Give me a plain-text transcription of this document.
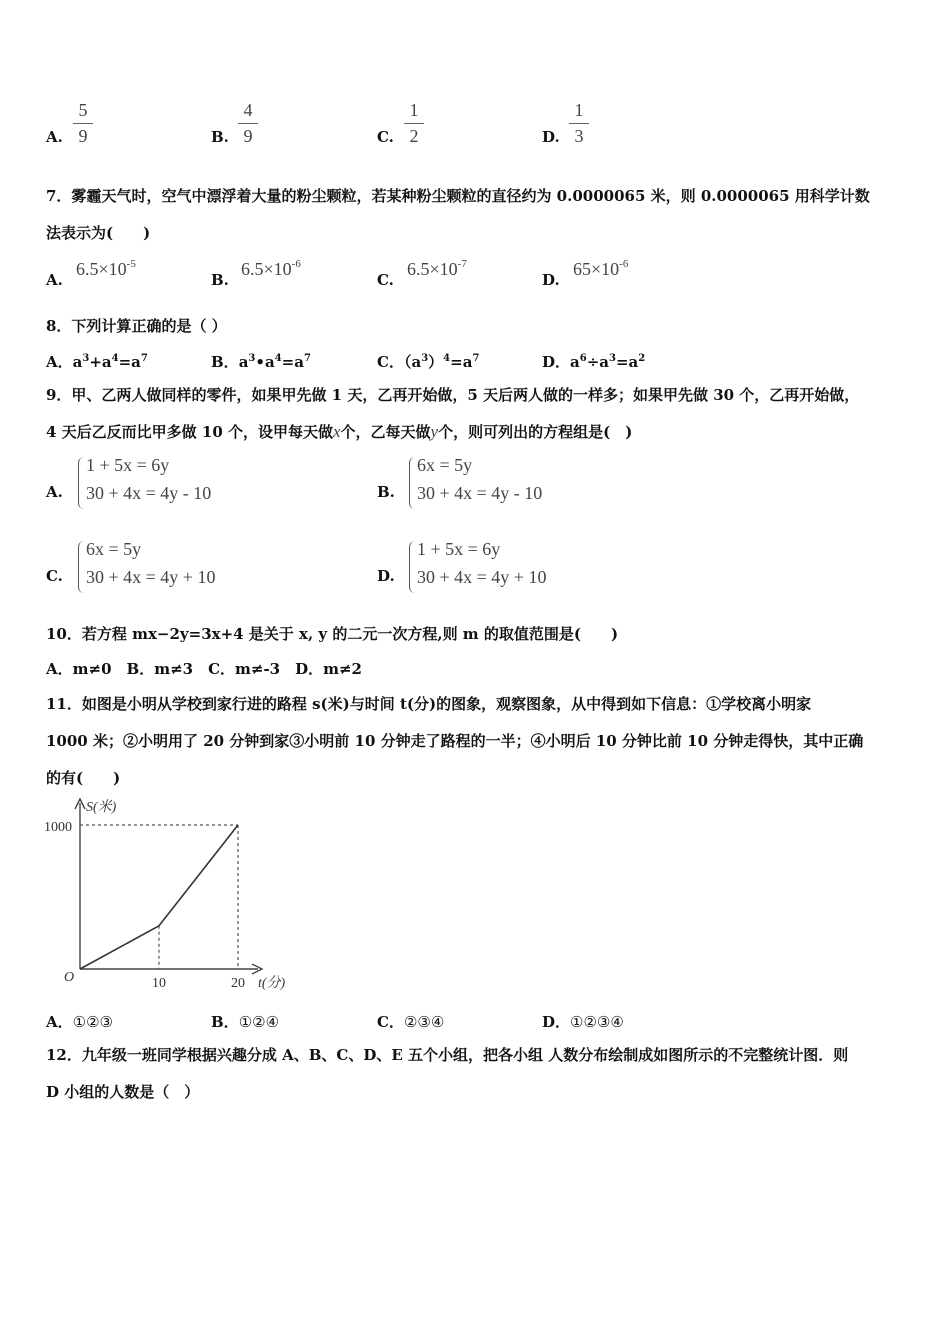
A.
5
9	B.
4
9	C.
1
2	D.
1
3
7．雾霾天气时，空气中漂浮着大量的粉尘颗粒，若某种粉尘颗粒的直径约为 0.0000065 米，则 0.0000065 用科学计数
法表示为(　　)
A.
$6.5\times 10^{-5}$
B.
$6.5\times 10^{-6}$
C.
$6.5\times 10^{-7}$
D.
$65\times 10^{-6}$
8．下列计算正确的是（ ）
A．$a^3+a^4=a^7$	B．$a^3•a^4=a^7$	C．$(a^3)^4=a^7$	D．$a^6\div a^3=a^2$
9．甲、乙两人做同样的零件，如果甲先做 1 天，乙再开始做，5 天后两人做的一样多；如果甲先做 30 个，乙再开始做，
4 天后乙反而比甲多做 10 个，设甲每天做x个，乙每天做y个，则可列出的方程组是(　)
A.
1 + 5x = 6y
30 + 4x = 4y - 10	B.
6x = 5y
30 + 4x = 4y - 10
C.
6x = 5y
30 + 4x = 4y + 10	D.
1 + 5x = 6y
30 + 4x = 4y + 10
10．若方程 mx−2y=3x+4 是关于 x, y 的二元一次方程,则 m 的取值范围是(　　)
A．m≠0　B．m≠3　C．m≠-3　D．m≠2
11．如图是小明从学校到家行进的路程 s(米)与时间 t(分)的图象，观察图象，从中得到如下信息：①学校离小明家
1000 米；②小明用了 20 分钟到家③小明前 10 分钟走了路程的一半；④小明后 10 分钟比前 10 分钟走得快，其中正确
的有(　　)
S(米)
O
1000
10	20 t(分)
A．①②③	B．①②④	C．②③④	D．①②③④
12．九年级一班同学根据兴趣分成 A、B、C、D、E 五个小组，把各小组 人数分布绘制成如图所示的不完整统计图．则
D 小组的人数是（　）
